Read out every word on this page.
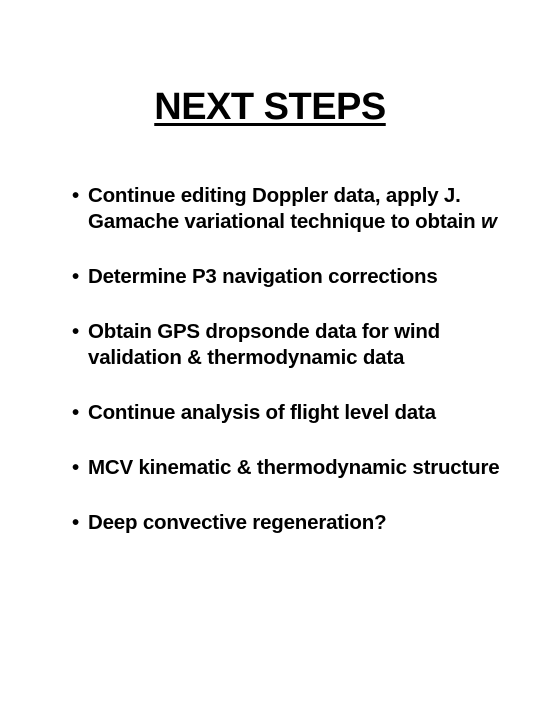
NEXT STEPS
• Continue editing Doppler data, apply J. Gamache variational technique to obtain w
• Determine P3 navigation corrections
• Obtain GPS dropsonde data for wind validation & thermodynamic data
• Continue analysis of flight level data
• MCV kinematic & thermodynamic structure
• Deep convective regeneration?
